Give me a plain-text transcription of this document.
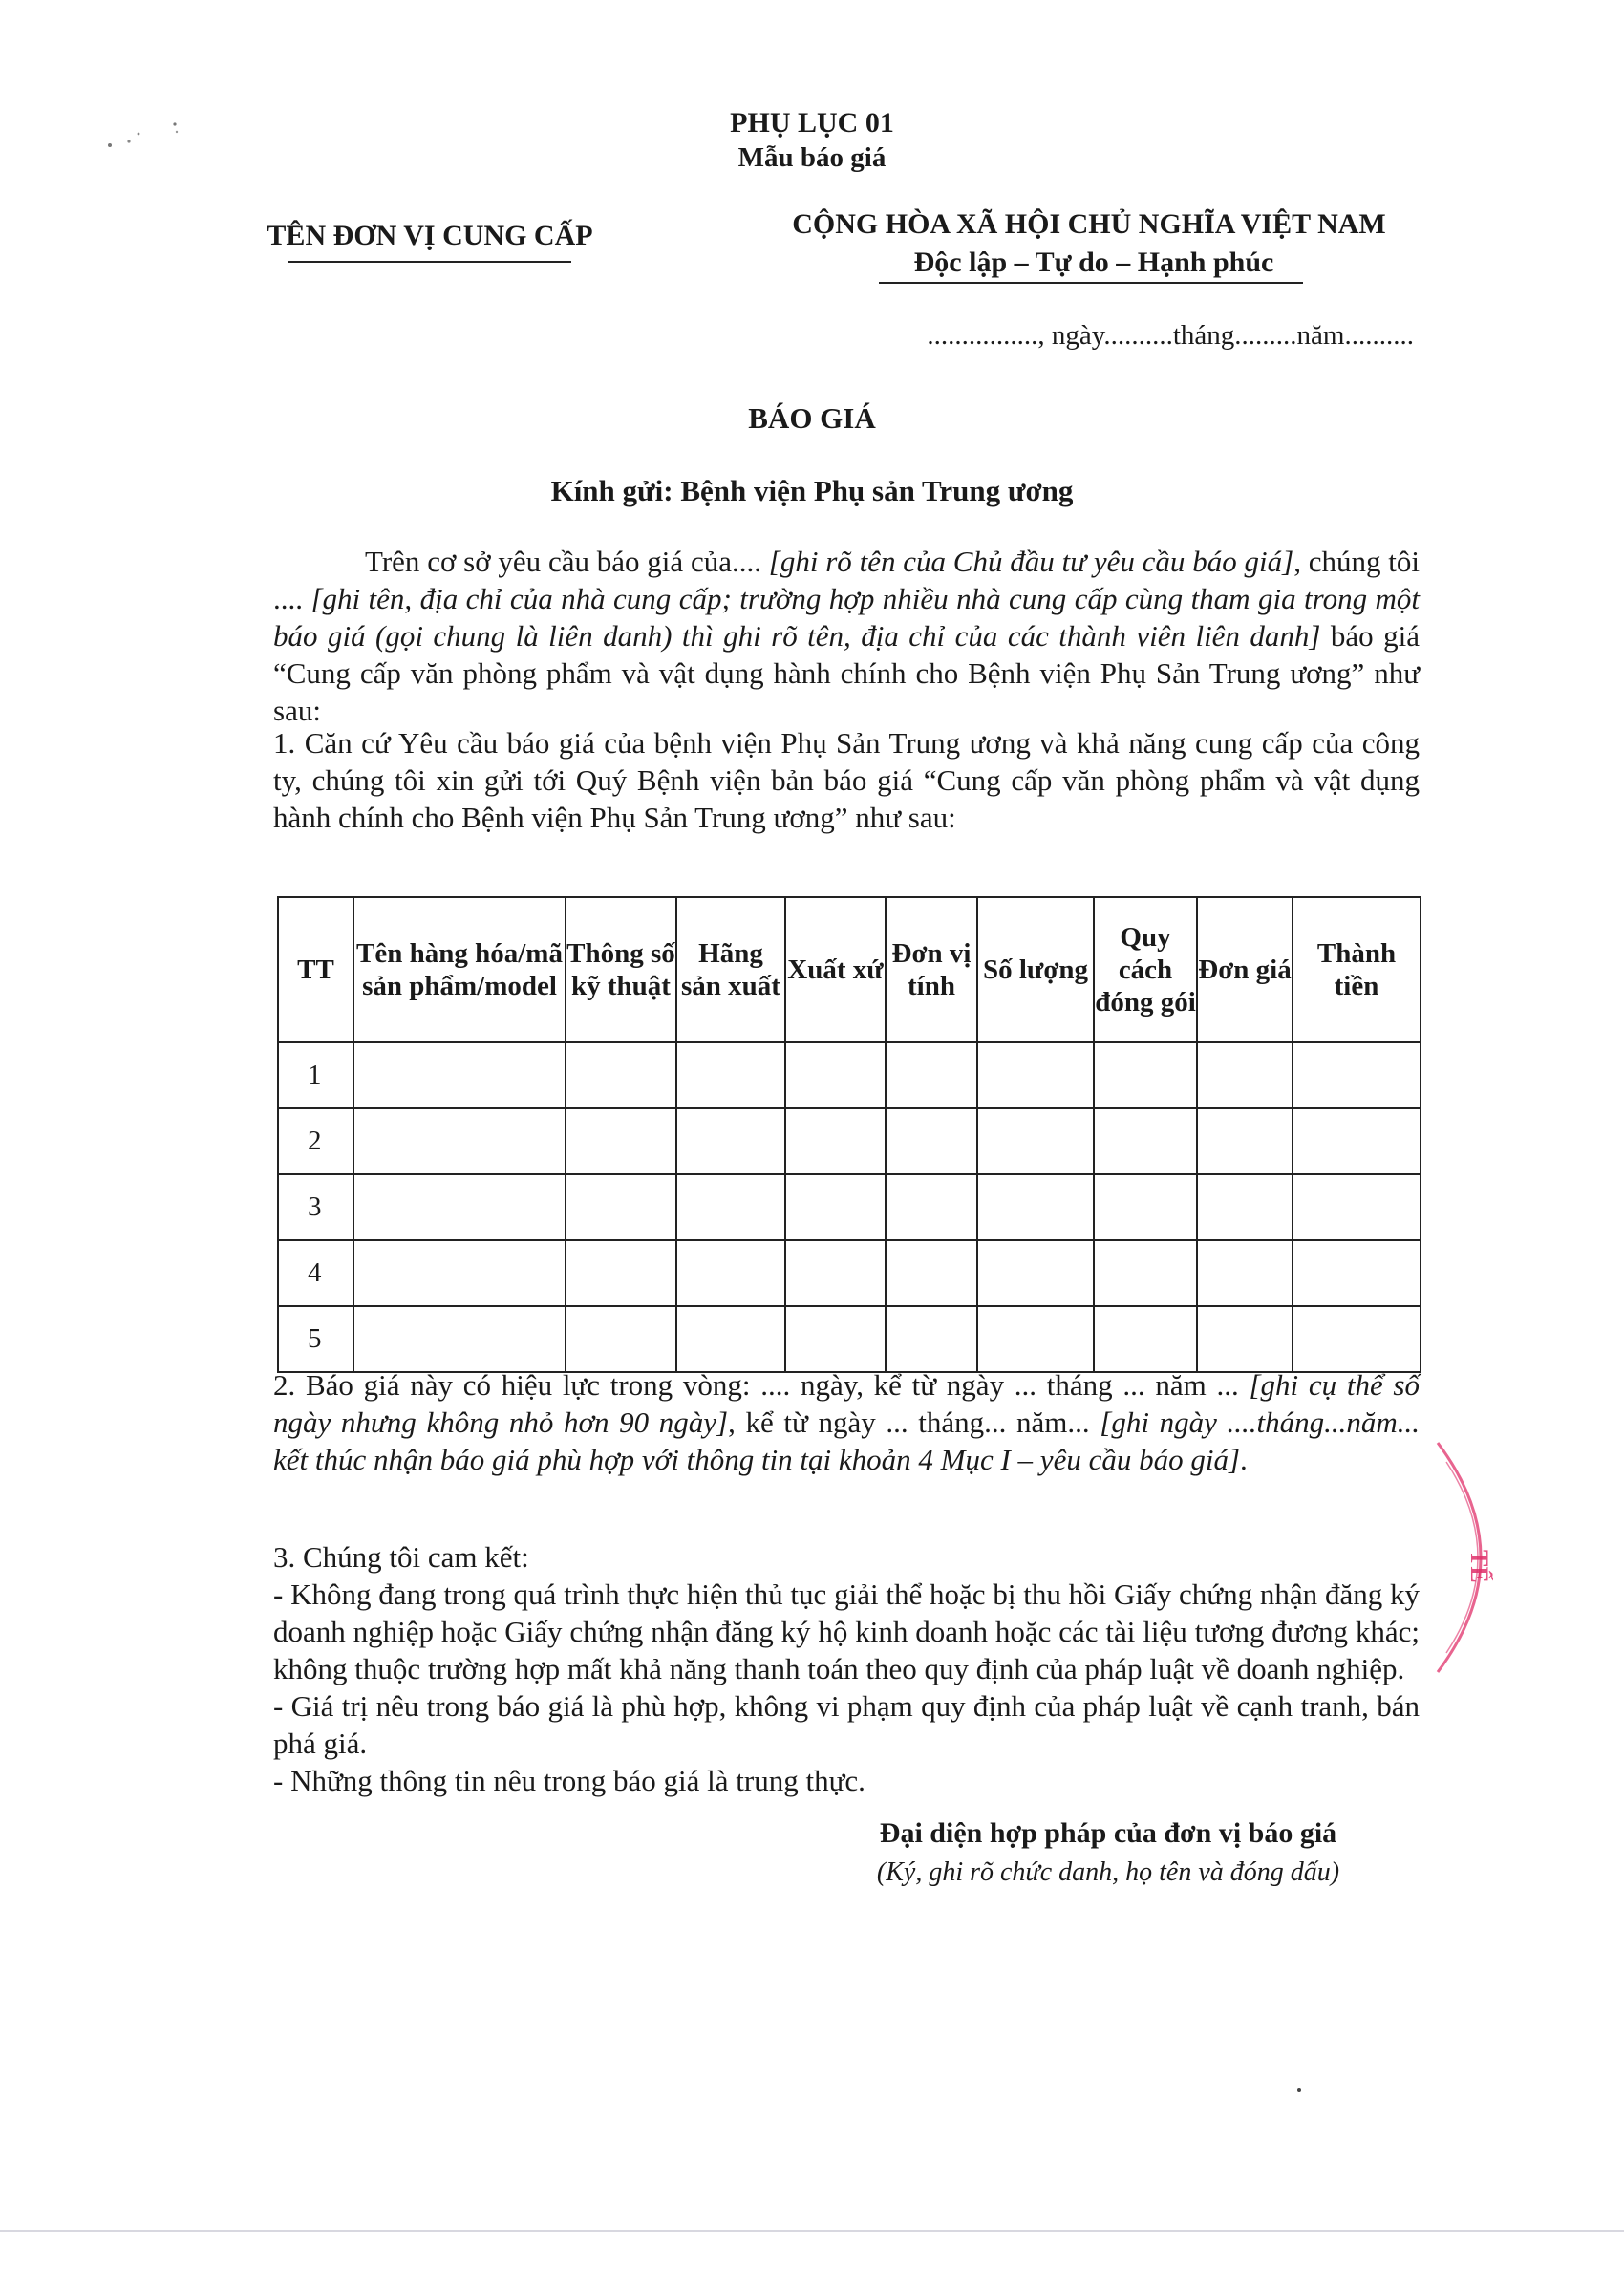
PHỤ LỤC 01
Mẫu báo giá
TÊN ĐƠN VỊ CUNG CẤP	CỘNG HÒA XÃ HỘI CHỦ NGHĨA VIỆT NAM
Độc lập – Tự do – Hạnh phúc
................, ngày..........tháng.........năm..........
BÁO GIÁ
Kính gửi: Bệnh viện Phụ sản Trung ương
Trên cơ sở yêu cầu báo giá của.... [ghi rõ tên của Chủ đầu tư yêu cầu báo giá], chúng tôi .... [ghi tên, địa chỉ của nhà cung cấp; trường hợp nhiều nhà cung cấp cùng tham gia trong một báo giá (gọi chung là liên danh) thì ghi rõ tên, địa chỉ của các thành viên liên danh] báo giá “Cung cấp văn phòng phẩm và vật dụng hành chính cho Bệnh viện Phụ Sản Trung ương” như sau:
1. Căn cứ Yêu cầu báo giá của bệnh viện Phụ Sản Trung ương và khả năng cung cấp của công ty, chúng tôi xin gửi tới Quý Bệnh viện bản báo giá “Cung cấp văn phòng phẩm và vật dụng hành chính cho Bệnh viện Phụ Sản Trung ương” như sau:
TT	Tên hàng hóa/mã sản phẩm/model	Thông số kỹ thuật	Hãng sản xuất	Xuất xứ	Đơn vị tính	Số lượng	Quy cách đóng gói	Đơn giá	Thành tiền
1									
2									
3									
4									
5									
2. Báo giá này có hiệu lực trong vòng: .... ngày, kể từ ngày ... tháng ... năm ... [ghi cụ thể số ngày nhưng không nhỏ hơn 90 ngày], kể từ ngày ... tháng... năm... [ghi ngày ....tháng...năm... kết thúc nhận báo giá phù hợp với thông tin tại khoản 4 Mục I – yêu cầu báo giá].
3. Chúng tôi cam kết:
- Không đang trong quá trình thực hiện thủ tục giải thể hoặc bị thu hồi Giấy chứng nhận đăng ký doanh nghiệp hoặc Giấy chứng nhận đăng ký hộ kinh doanh hoặc các tài liệu tương đương khác; không thuộc trường hợp mất khả năng thanh toán theo quy định của pháp luật về doanh nghiệp.
- Giá trị nêu trong báo giá là phù hợp, không vi phạm quy định của pháp luật về cạnh tranh, bán phá giá.
- Những thông tin nêu trong báo giá là trung thực.
Đại diện hợp pháp của đơn vị báo giá
(Ký, ghi rõ chức danh, họ tên và đóng dấu)
TẾ
